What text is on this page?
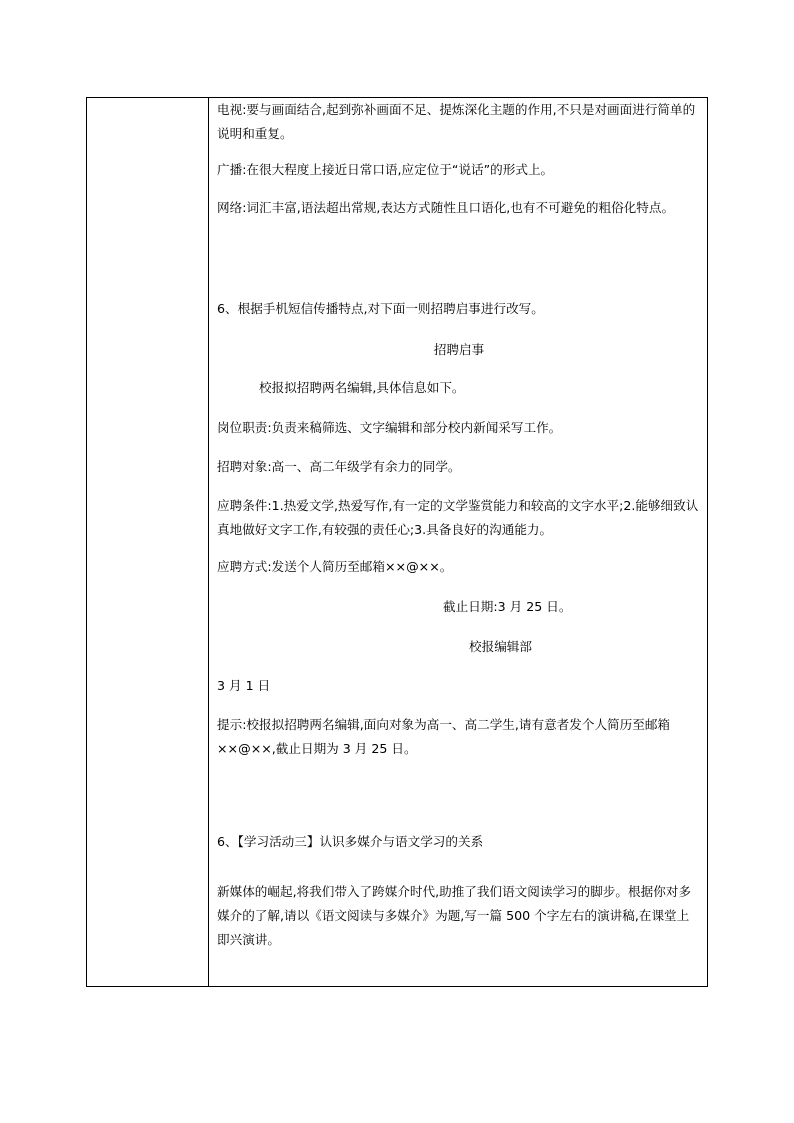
电视:要与画面结合,起到弥补画面不足、提炼深化主题的作用,不只是对画面进行简单的说明和重复。

广播:在很大程度上接近日常口语,应定位于“说话”的形式上。

网络:词汇丰富,语法超出常规,表达方式随性且口语化,也有不可避免的粗俗化特点。

6、根据手机短信传播特点,对下面一则招聘启事进行改写。

招聘启事

校报拟招聘两名编辑,具体信息如下。

岗位职责:负责来稿筛选、文字编辑和部分校内新闻采写工作。

招聘对象:高一、高二年级学有余力的同学。

应聘条件:1.热爱文学,热爱写作,有一定的文学鉴赏能力和较高的文字水平;2.能够细致认真地做好文字工作,有较强的责任心;3.具备良好的沟通能力。

应聘方式:发送个人简历至邮箱××@××。

截止日期:3 月 25 日。

校报编辑部

3 月 1 日

提示:校报拟招聘两名编辑,面向对象为高一、高二学生,请有意者发个人简历至邮箱××@××,截止日期为 3 月 25 日。

6、【学习活动三】认识多媒介与语文学习的关系

新媒体的崛起,将我们带入了跨媒介时代,助推了我们语文阅读学习的脚步。根据你对多媒介的了解,请以《语文阅读与多媒介》为题,写一篇 500 个字左右的演讲稿,在课堂上即兴演讲。
